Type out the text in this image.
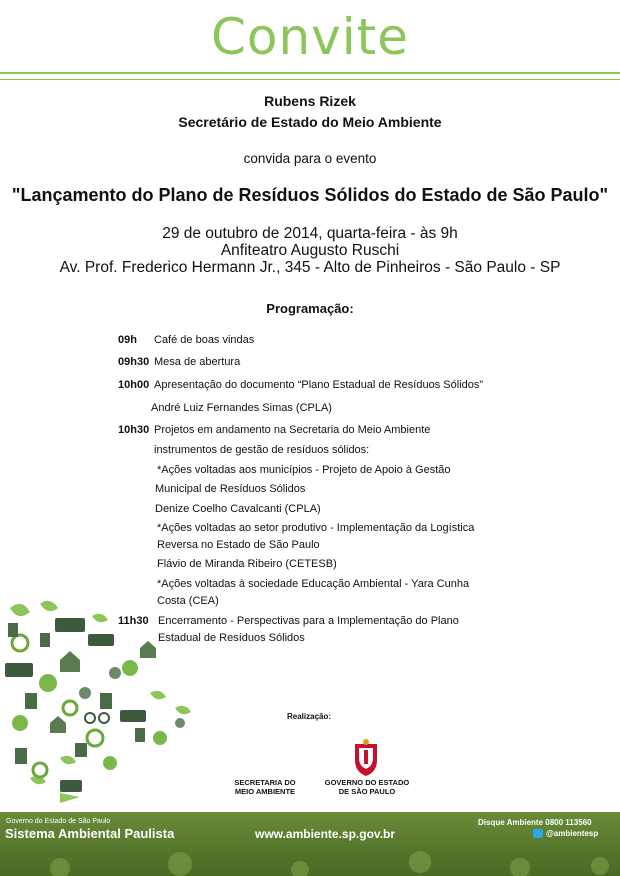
Convite
Rubens Rizek
Secretário de Estado do Meio Ambiente
convida para o evento
"Lançamento do Plano de Resíduos Sólidos do Estado de São Paulo"
29 de outubro de 2014, quarta-feira - às 9h
Anfiteatro Augusto Ruschi
Av. Prof. Frederico Hermann Jr., 345 - Alto de Pinheiros - São Paulo - SP
Programação:
09h Café de boas vindas
09h30 Mesa de abertura
10h00 Apresentação do documento “Plano Estadual de Resíduos Sólidos”
André Luiz Fernandes Simas (CPLA)
10h30 Projetos em andamento na Secretaria do Meio Ambiente
instrumentos de gestão de resíduos sólidos:
*Ações voltadas aos municípios - Projeto de Apoio à Gestão
Municipal de Resíduos Sólidos
Denize Coelho Cavalcanti (CPLA)
*Ações voltadas ao setor produtivo - Implementação da Logística
Reversa no Estado de São Paulo
Flávio de Miranda Ribeiro (CETESB)
*Ações voltadas à sociedade Educação Ambiental - Yara Cunha
Costa (CEA)
11h30 Encerramento - Perspectivas para a Implementação do Plano
Estadual de Resíduos Sólidos
Realização:
SECRETARIA DO
MEIO AMBIENTE
GOVERNO DO ESTADO
DE SÃO PAULO
Governo do Estado de São Paulo
Sistema Ambiental Paulista	www.ambiente.sp.gov.br
Disque Ambiente 0800 113560
@ambientesp
